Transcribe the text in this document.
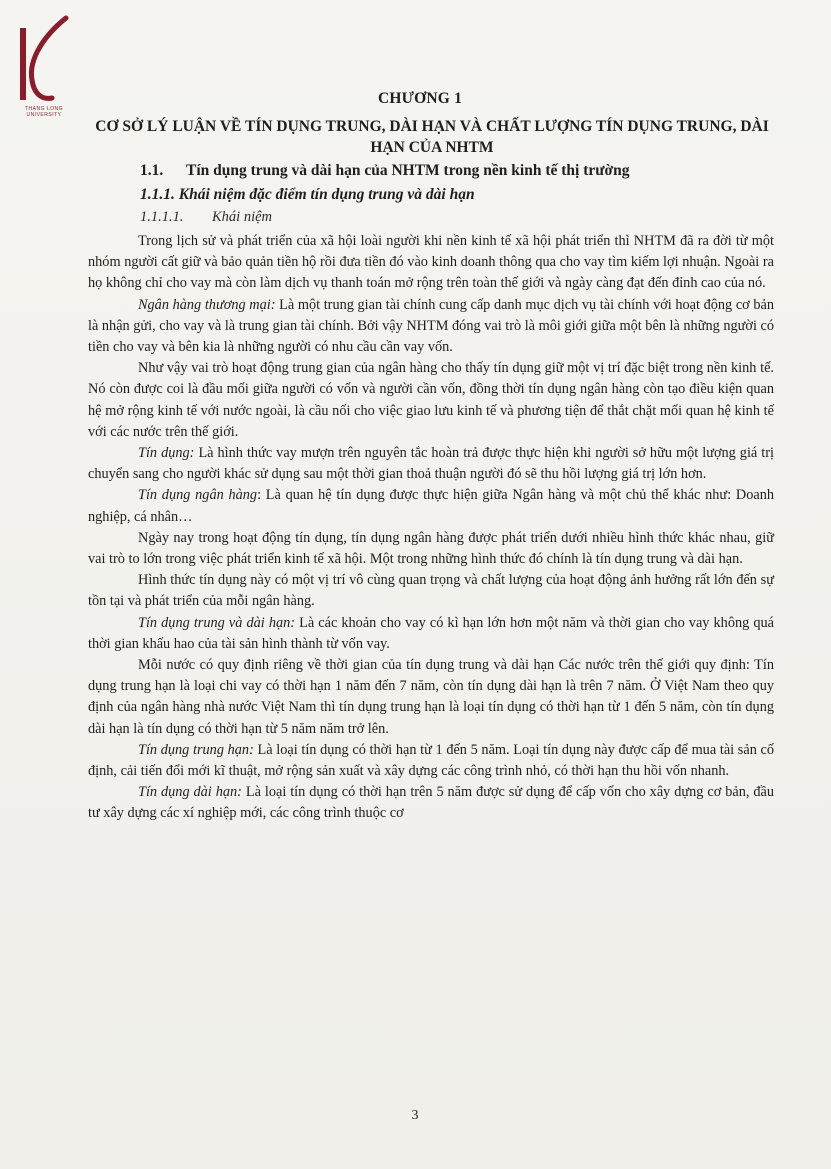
THANG LONG UNIVERSITY
CHƯƠNG 1
CƠ SỞ LÝ LUẬN VỀ TÍN DỤNG TRUNG, DÀI HẠN VÀ CHẤT LƯỢNG TÍN DỤNG TRUNG, DÀI HẠN CỦA NHTM
1.1. Tín dụng trung và dài hạn của NHTM trong nền kinh tế thị trường
1.1.1. Khái niệm đặc điểm tín dụng trung và dài hạn
1.1.1.1. Khái niệm

Trong lịch sử và phát triển của xã hội loài người khi nền kinh tế xã hội phát triển thì NHTM đã ra đời từ một nhóm người cất giữ và bảo quản tiền hộ rồi đưa tiền đó vào kinh doanh thông qua cho vay tìm kiếm lợi nhuận. Ngoài ra họ không chỉ cho vay mà còn làm dịch vụ thanh toán mở rộng trên toàn thế giới và ngày càng đạt đến đỉnh cao của nó.

Ngân hàng thương mại: Là một trung gian tài chính cung cấp danh mục dịch vụ tài chính với hoạt động cơ bản là nhận gửi, cho vay và là trung gian tài chính. Bởi vậy NHTM đóng vai trò là môi giới giữa một bên là những người có tiền cho vay và bên kia là những người có nhu cầu cần vay vốn.

Như vậy vai trò hoạt động trung gian của ngân hàng cho thấy tín dụng giữ một vị trí đặc biệt trong nền kinh tế. Nó còn được coi là đầu mối giữa người có vốn và người cần vốn, đồng thời tín dụng ngân hàng còn tạo điều kiện quan hệ mở rộng kinh tế với nước ngoài, là cầu nối cho việc giao lưu kinh tế và phương tiện để thắt chặt mối quan hệ kinh tế với các nước trên thế giới.

Tín dụng: Là hình thức vay mượn trên nguyên tắc hoàn trả được thực hiện khi người sở hữu một lượng giá trị chuyển sang cho người khác sử dụng sau một thời gian thoả thuận người đó sẽ thu hồi lượng giá trị lớn hơn.

Tín dụng ngân hàng: Là quan hệ tín dụng được thực hiện giữa Ngân hàng và một chủ thể khác như: Doanh nghiệp, cá nhân…

Ngày nay trong hoạt động tín dụng, tín dụng ngân hàng được phát triển dưới nhiều hình thức khác nhau, giữ vai trò to lớn trong việc phát triển kinh tế xã hội. Một trong những hình thức đó chính là tín dụng trung và dài hạn.

Hình thức tín dụng này có một vị trí vô cùng quan trọng và chất lượng của hoạt động ảnh hưởng rất lớn đến sự tồn tại và phát triển của mỗi ngân hàng.

Tín dụng trung và dài hạn: Là các khoản cho vay có kì hạn lớn hơn một năm và thời gian cho vay không quá thời gian khấu hao của tài sản hình thành từ vốn vay.

Mỗi nước có quy định riêng về thời gian của tín dụng trung và dài hạn Các nước trên thế giới quy định: Tín dụng trung hạn là loại chi vay có thời hạn 1 năm đến 7 năm, còn tín dụng dài hạn là trên 7 năm. Ở Việt Nam theo quy định của ngân hàng nhà nước Việt Nam thì tín dụng trung hạn là loại tín dụng có thời hạn từ 1 đến 5 năm, còn tín dụng dài hạn là tín dụng có thời hạn từ 5 năm năm trở lên.

Tín dụng trung hạn: Là loại tín dụng có thời hạn từ 1 đến 5 năm. Loại tín dụng này được cấp để mua tài sản cố định, cải tiến đổi mới kĩ thuật, mở rộng sản xuất và xây dựng các công trình nhỏ, có thời hạn thu hồi vốn nhanh.

Tín dụng dài hạn: Là loại tín dụng có thời hạn trên 5 năm được sử dụng để cấp vốn cho xây dựng cơ bản, đầu tư xây dựng các xí nghiệp mới, các công trình thuộc cơ

3
